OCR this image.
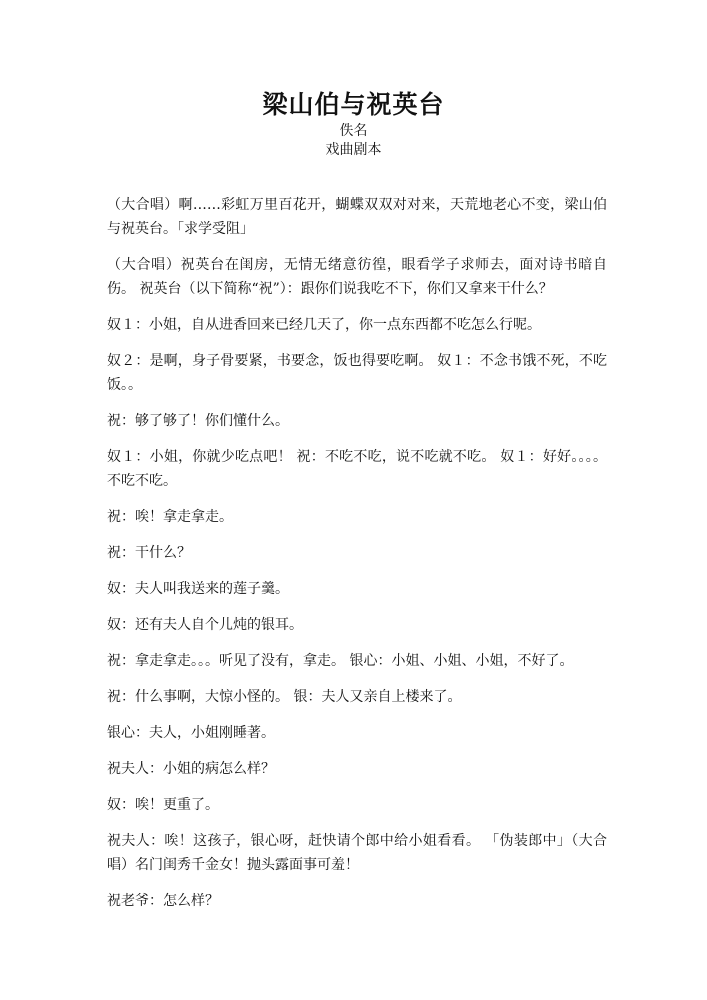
梁山伯与祝英台
佚名
戏曲剧本

（大合唱）啊……彩虹万里百花开，蝴蝶双双对对来，天荒地老心不变，梁山伯与祝英台。「求学受阻」

（大合唱）祝英台在闺房，无情无绪意彷徨，眼看学子求师去，面对诗书暗自伤。 祝英台（以下简称“祝”）：跟你们说我吃不下，你们又拿来干什么？

奴１：小姐，自从进香回来已经几天了，你一点东西都不吃怎么行呢。

奴２：是啊，身子骨要紧，书要念，饭也得要吃啊。 奴１：不念书饿不死，不吃饭。。

祝：够了够了！你们懂什么。

奴１：小姐，你就少吃点吧！ 祝：不吃不吃，说不吃就不吃。 奴１：好好。。。。不吃不吃。

祝：唉！拿走拿走。

祝：干什么？

奴：夫人叫我送来的莲子羹。

奴：还有夫人自个儿炖的银耳。

祝：拿走拿走。。。听见了没有，拿走。 银心：小姐、小姐、小姐，不好了。

祝：什么事啊，大惊小怪的。 银：夫人又亲自上楼来了。

银心：夫人，小姐刚睡著。

祝夫人：小姐的病怎么样？

奴：唉！更重了。

祝夫人：唉！这孩子，银心呀，赶快请个郎中给小姐看看。 「伪装郎中」（大合唱）名门闺秀千金女！抛头露面事可羞！

祝老爷：怎么样？
